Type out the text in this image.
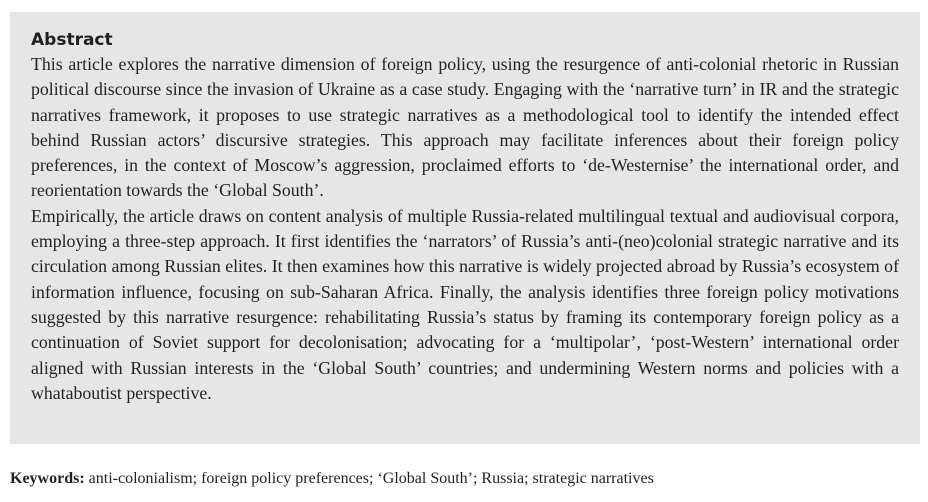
Abstract

This article explores the narrative dimension of foreign policy, using the resurgence of anti-colonial rhetoric in Russian political discourse since the invasion of Ukraine as a case study. Engaging with the ‘narrative turn’ in IR and the strategic narratives framework, it proposes to use strategic narratives as a methodological tool to identify the intended effect behind Russian actors’ discursive strategies. This approach may facilitate inferences about their foreign policy preferences, in the context of Moscow’s aggression, proclaimed efforts to ‘de-Westernise’ the international order, and reorientation towards the ‘Global South’.

Empirically, the article draws on content analysis of multiple Russia-related multilingual textual and audiovisual corpora, employing a three-step approach. It first identifies the ‘narrators’ of Russia’s anti-(neo)colonial strategic narrative and its circulation among Russian elites. It then examines how this narrative is widely projected abroad by Russia’s ecosystem of information influence, focusing on sub-Saharan Africa. Finally, the analysis identifies three foreign policy motivations suggested by this narrative resurgence: rehabilitating Russia’s status by framing its contemporary foreign policy as a continuation of Soviet support for decolonisation; advocating for a ‘multipolar’, ‘post-Western’ international order aligned with Russian interests in the ‘Global South’ countries; and undermining Western norms and policies with a whataboutist perspective.

Keywords: anti-colonialism; foreign policy preferences; ‘Global South’; Russia; strategic narratives
